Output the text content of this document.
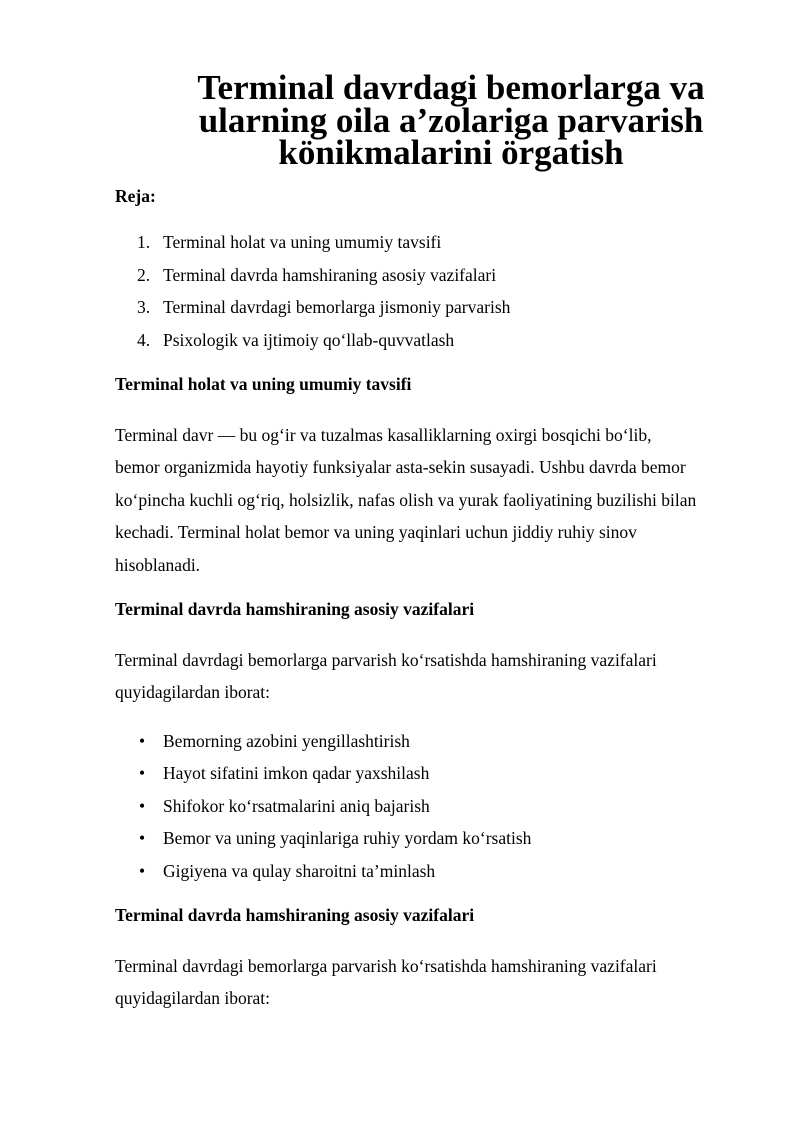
Terminal davrdagi bemorlarga va ularning oila a’zolariga parvarish
könikmalarini örgatish
Reja:
1. Terminal holat va uning umumiy tavsifi
2. Terminal davrda hamshiraning asosiy vazifalari
3. Terminal davrdagi bemorlarga jismoniy parvarish
4. Psixologik va ijtimoiy qo‘llab-quvvatlash
Terminal holat va uning umumiy tavsifi

Terminal davr — bu og‘ir va tuzalmas kasalliklarning oxirgi bosqichi bo‘lib,
bemor organizmida hayotiy funksiyalar asta-sekin susayadi. Ushbu davrda bemor
ko‘pincha kuchli og‘riq, holsizlik, nafas olish va yurak faoliyatining buzilishi bilan
kechadi. Terminal holat bemor va uning yaqinlari uchun jiddiy ruhiy sinov
hisoblanadi.

Terminal davrda hamshiraning asosiy vazifalari

Terminal davrdagi bemorlarga parvarish ko‘rsatishda hamshiraning vazifalari
quyidagilardan iborat:

• Bemorning azobini yengillashtirish
• Hayot sifatini imkon qadar yaxshilash
• Shifokor ko‘rsatmalarini aniq bajarish
• Bemor va uning yaqinlariga ruhiy yordam ko‘rsatish
• Gigiyena va qulay sharoitni ta’minlash
Terminal davrda hamshiraning asosiy vazifalari

Terminal davrdagi bemorlarga parvarish ko‘rsatishda hamshiraning vazifalari
quyidagilardan iborat:
